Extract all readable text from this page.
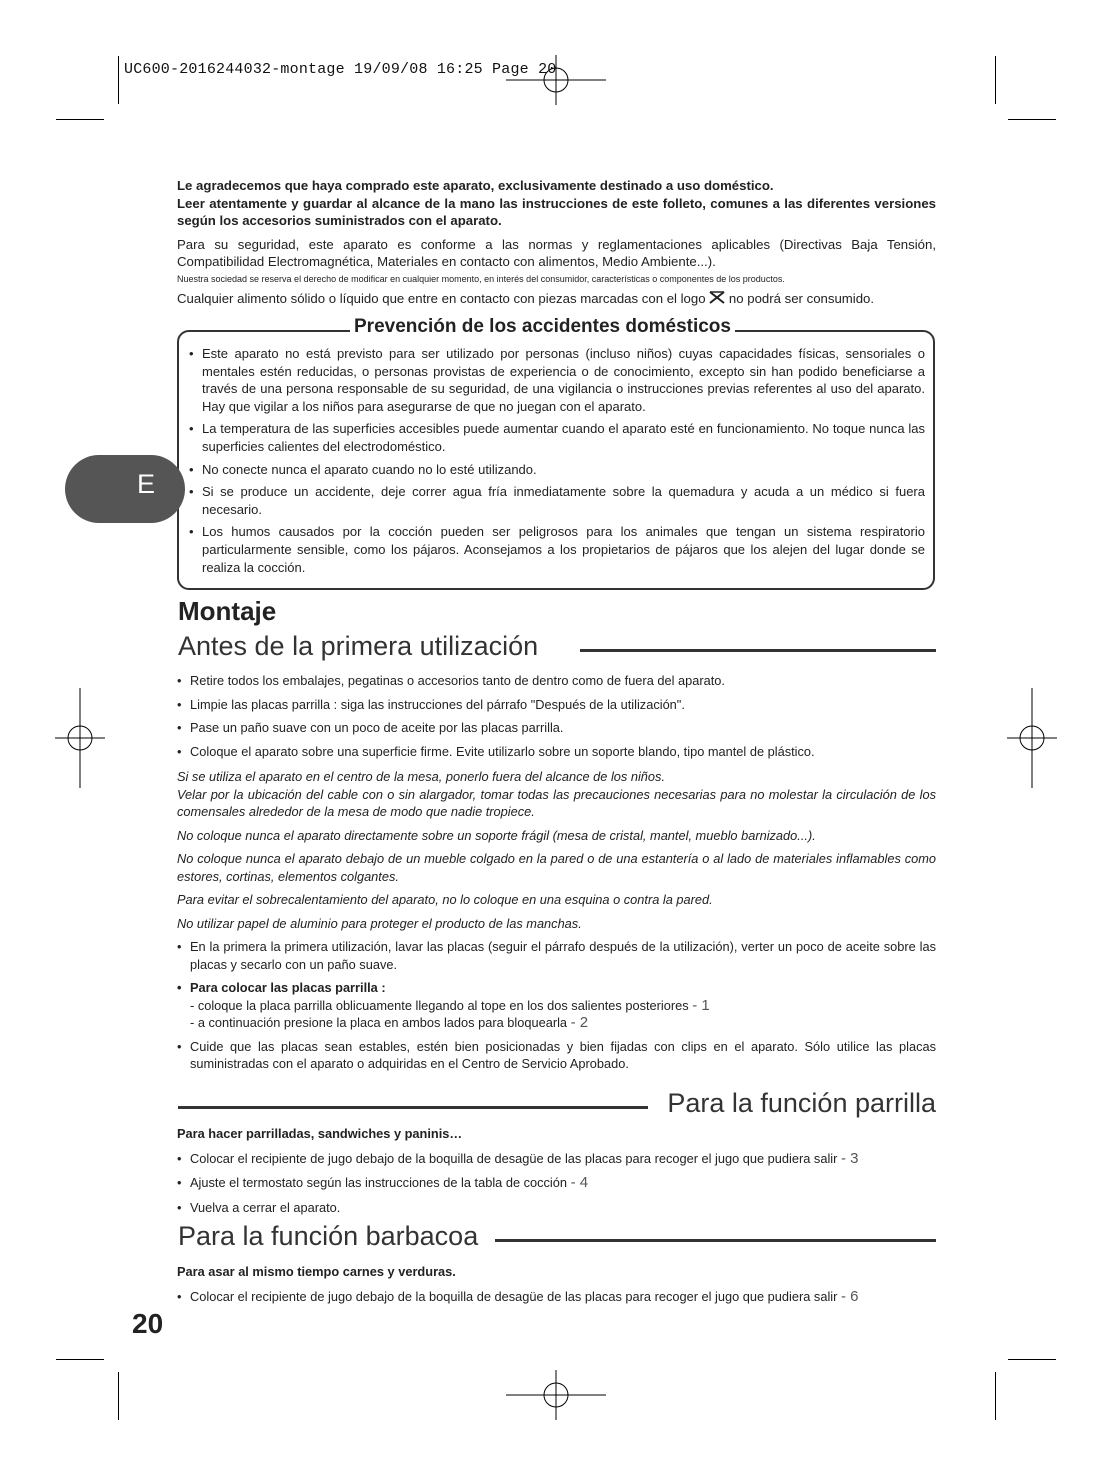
UC600-2016244032-montage 19/09/08 16:25 Page 20

Le agradecemos que haya comprado este aparato, exclusivamente destinado a uso doméstico.

Leer atentamente y guardar al alcance de la mano las instrucciones de este folleto, comunes a las diferentes versiones según los accesorios suministrados con el aparato.

Para su seguridad, este aparato es conforme a las normas y reglamentaciones aplicables (Directivas Baja Tensión, Compatibilidad Electromagnética, Materiales en contacto con alimentos, Medio Ambiente...).

Nuestra sociedad se reserva el derecho de modificar en cualquier momento, en interés del consumidor, características o componentes de los productos.

Cualquier alimento sólido o líquido que entre en contacto con piezas marcadas con el logo no podrá ser consumido.

Prevención de los accidentes domésticos

• Este aparato no está previsto para ser utilizado por personas (incluso niños) cuyas capacidades físicas, sensoriales o mentales estén reducidas, o personas provistas de experiencia o de conocimiento, excepto sin han podido beneficiarse a través de una persona responsable de su seguridad, de una vigilancia o instrucciones previas referentes al uso del aparato. Hay que vigilar a los niños para asegurarse de que no juegan con el aparato.

• La temperatura de las superficies accesibles puede aumentar cuando el aparato esté en funcionamiento. No toque nunca las superficies calientes del electrodoméstico.

• No conecte nunca el aparato cuando no lo esté utilizando.

• Si se produce un accidente, deje correr agua fría inmediatamente sobre la quemadura y acuda a un médico si fuera necesario.

• Los humos causados por la cocción pueden ser peligrosos para los animales que tengan un sistema respiratorio particularmente sensible, como los pájaros. Aconsejamos a los propietarios de pájaros que los alejen del lugar donde se realiza la cocción.

E
Montaje
Antes de la primera utilización

• Retire todos los embalajes, pegatinas o accesorios tanto de dentro como de fuera del aparato.

• Limpie las placas parrilla : siga las instrucciones del párrafo "Después de la utilización".

• Pase un paño suave con un poco de aceite por las placas parrilla.

• Coloque el aparato sobre una superficie firme. Evite utilizarlo sobre un soporte blando, tipo mantel de plástico.

Si se utiliza el aparato en el centro de la mesa, ponerlo fuera del alcance de los niños.

Velar por la ubicación del cable con o sin alargador, tomar todas las precauciones necesarias para no molestar la circulación de los comensales alrededor de la mesa de modo que nadie tropiece.

No coloque nunca el aparato directamente sobre un soporte frágil (mesa de cristal, mantel, mueblo barnizado...).

No coloque nunca el aparato debajo de un mueble colgado en la pared o de una estantería o al lado de materiales inflamables como estores, cortinas, elementos colgantes.

Para evitar el sobrecalentamiento del aparato, no lo coloque en una esquina o contra la pared.

No utilizar papel de aluminio para proteger el producto de las manchas.

• En la primera la primera utilización, lavar las placas (seguir el párrafo después de la utilización), verter un poco de aceite sobre las placas y secarlo con un paño suave.

• Para colocar las placas parrilla :

- coloque la placa parrilla oblicuamente llegando al tope en los dos salientes posteriores - 1

- a continuación presione la placa en ambos lados para bloquearla - 2

• Cuide que las placas sean estables, estén bien posicionadas y bien fijadas con clips en el aparato. Sólo utilice las placas suministradas con el aparato o adquiridas en el Centro de Servicio Aprobado.

Para la función parrilla

Para hacer parrilladas, sandwiches y paninis…

• Colocar el recipiente de jugo debajo de la boquilla de desagüe de las placas para recoger el jugo que pudiera salir - 3

• Ajuste el termostato según las instrucciones de la tabla de cocción - 4

• Vuelva a cerrar el aparato.

Para la función barbacoa

Para asar al mismo tiempo carnes y verduras.

• Colocar el recipiente de jugo debajo de la boquilla de desagüe de las placas para recoger el jugo que pudiera salir - 6

20
